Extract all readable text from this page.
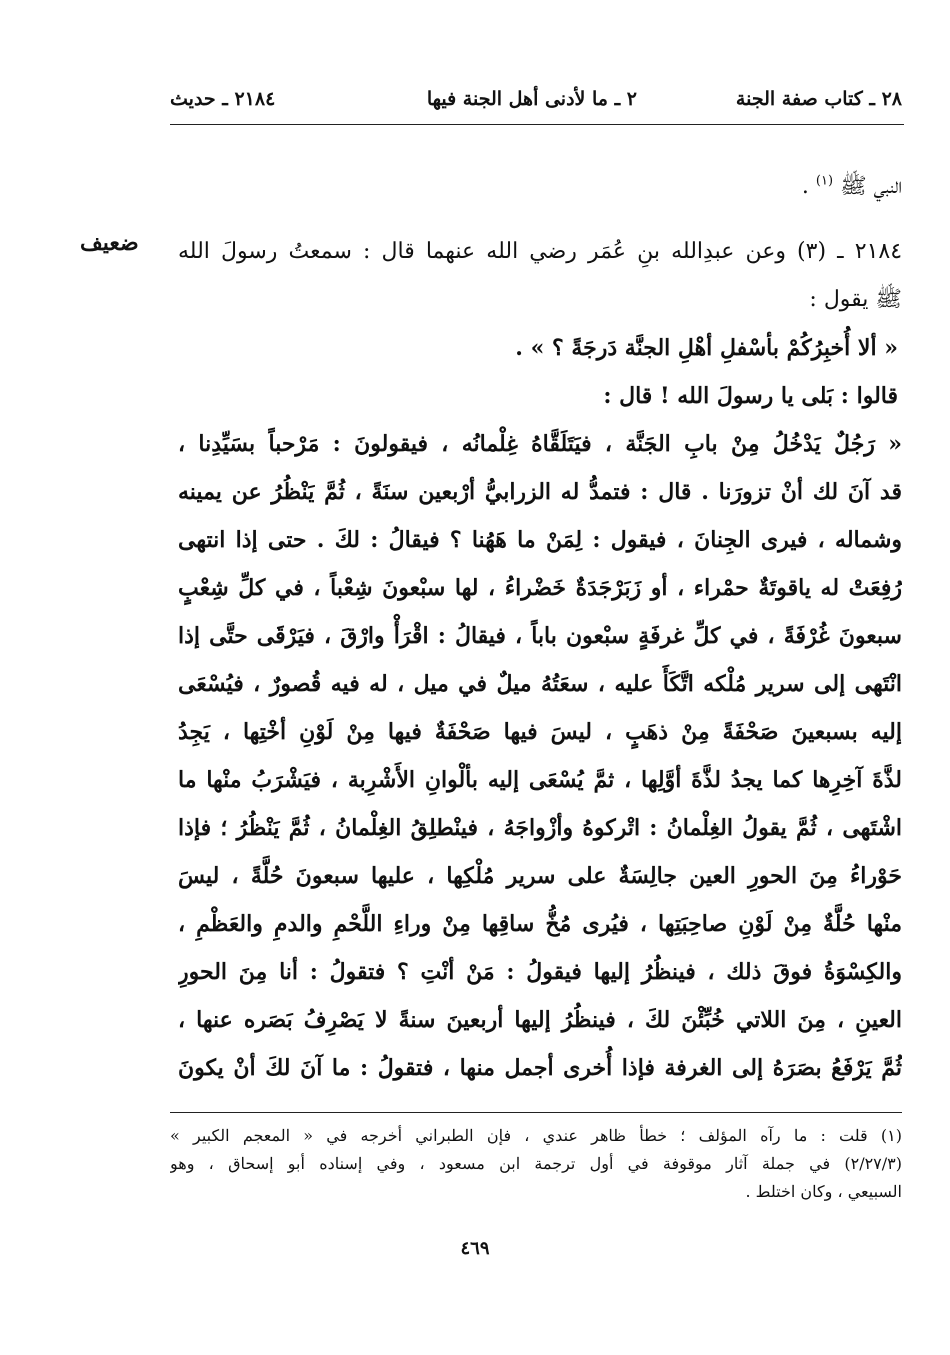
٢٨ ـ كتاب صفة الجنة
٢ ـ ما لأدنى أهل الجنة فيها
٢١٨٤ ـ حديث
النبي ﷺ $^{(١)}$ .
ضعيف ٢١٨٤ ـ (٣) وعن عبدِالله بنِ عُمَر رضي الله عنهما قال : سمعتُ رسولَ الله
ﷺ يقول :
« ألا أُخبِرُكُمْ بأسْفلِ أهْلِ الجنَّة دَرجَةً ؟ » .
قالوا : بَلى يا رسولَ الله ! قال :
« رَجُلٌ يَدْخُلُ مِنْ بابِ الجَنَّة ، فيَتَلَقَّاهُ غِلْمانُه ، فيقولونَ : مَرْحباً بسَيِّدِنا ،
قد آنَ لك أنْ تزورَنا . قال : فتمدُّ له الزرابيُّ أرْبعين سنَةً ، ثُمَّ يَنْظُرُ عن يمينه
وشماله ، فيرى الجِنانَ ، فيقول : لِمَنْ ما هَهُنا ؟ فيقالُ : لكَ . حتى إذا انتهى
رُفِعَتْ له ياقوتَةٌ حمْراء ، أو زَبَرْجَدَةٌ خَضْراءُ ، لها سبْعونَ شِعْباً ، في كلِّ شِعْبٍ
سبعونَ غُرْفَةً ، في كلِّ غرفَةٍ سبْعون باباً ، فيقالُ : اقْرَأْ وارْقَ ، فيَرْقَى حتَّى إذا
انْتَهى إلى سرير مُلْكه اتَّكَأَ عليه ، سعَتُهُ ميلٌ في ميل ، له فيه قُصورٌ ، فيُسْعَى
إليه بسبعينَ صَحْفَةً مِنْ ذهَبٍ ، ليسَ فيها صَحْفَةٌ فيها مِنْ لَوْنِ أخْتِها ، يَجِدُ
لذَّةَ آخِرِها كما يجدُ لذَّةَ أوَّلِها ، ثمَّ يُسْعَى إليه بألْوانِ الأَشْرِبة ، فيَشْرَبُ منْها ما
اشْتَهى ، ثُمَّ يقولُ الغِلْمانُ : اتْركوهُ وأزْواجَهُ ، فينْطلِقُ الغِلْمانُ ، ثُمَّ يَنْظُرُ ؛ فإذا
حَوْراءُ مِنَ الحورِ العين جالِسَةٌ على سرير مُلْكِها ، عليها سبعونَ حُلَّةً ، ليسَ
منْها حُلَّةٌ مِنْ لَوْنِ صاحِبَتِها ، فيُرى مُخُّ ساقِها مِنْ وراءِ اللَّحْمِ والدمِ والعَظْمِ ،
والكِسْوَةُ فوقَ ذلك ، فينظُرُ إليها فيقولُ : مَنْ أنْتِ ؟ فتقولُ : أنا مِنَ الحورِ
العينِ ، مِنَ اللاتي خُبِّئْنَ لكَ ، فينظُرُ إليها أربعينَ سنةً لا يَصْرِفُ بَصَره عنها ،
ثُمَّ يَرْفَعُ بصَرَهُ إلى الغرفة فإذا أُخرى أجمل منها ، فتقولُ : ما آنَ لكَ أنْ يكونَ
(١) قلت : ما رآه المؤلف ؛ خطأ ظاهر عندي ، فإن الطبراني أخرجه في « المعجم الكبير »
(٢/٢٧/٣) في جملة آثار موقوفة في أول ترجمة ابن مسعود ، وفي إسناده أبو إسحاق ، وهو
السبيعي ، وكان اختلط .
٤٦٩
